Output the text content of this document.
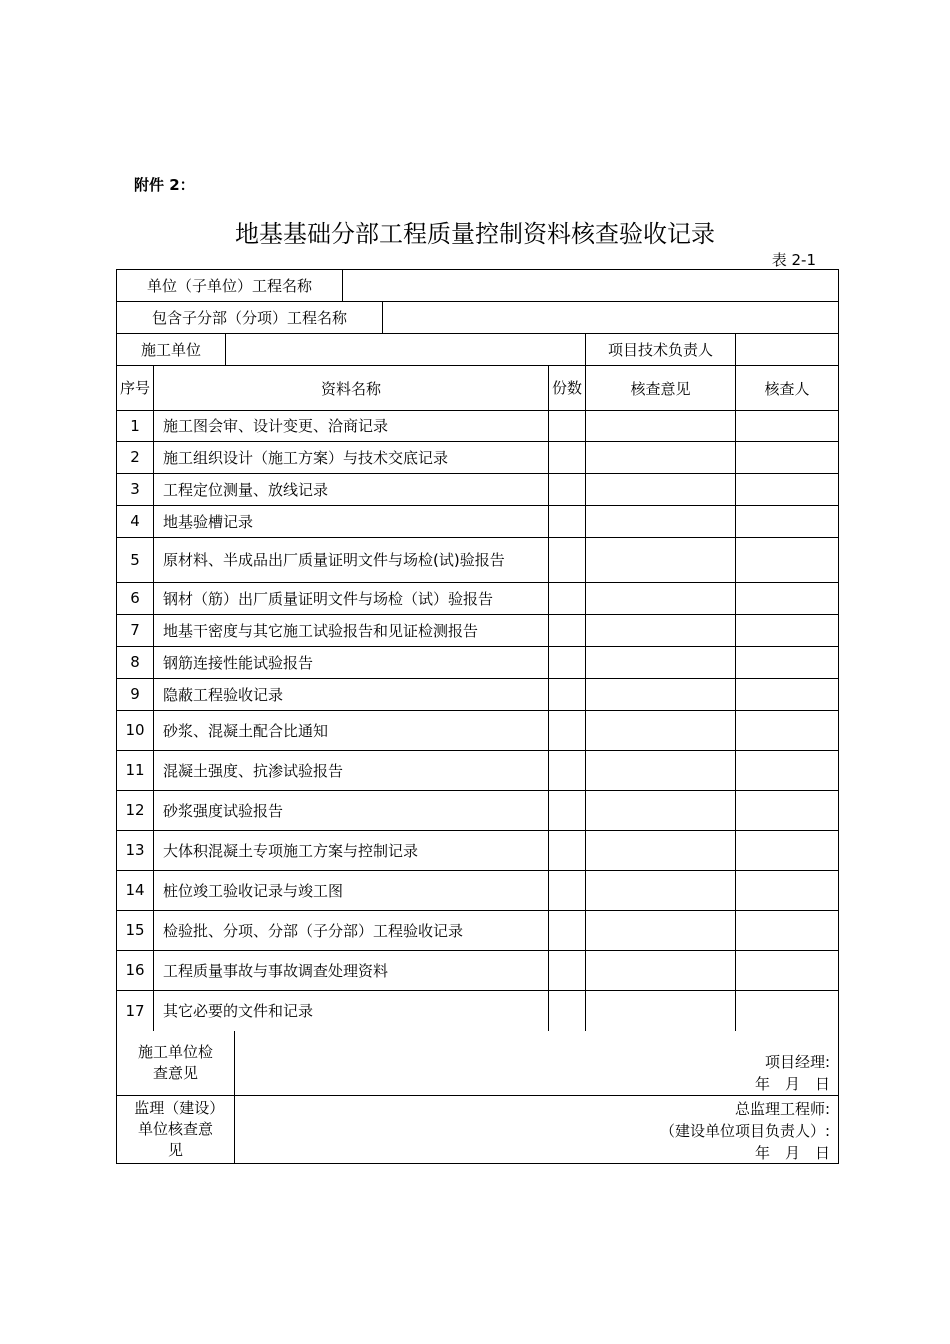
附件 2：
地基基础分部工程质量控制资料核查验收记录
表 2-1
单位（子单位）工程名称
包含子分部（分项）工程名称
施工单位	项目技术负责人
序号	资料名称	份数	核查意见	核查人
1	施工图会审、设计变更、洽商记录
2	施工组织设计（施工方案）与技术交底记录
3	工程定位测量、放线记录
4	地基验槽记录
5	原材料、半成品出厂质量证明文件与场检(试)验报告
6	钢材（筋）出厂质量证明文件与场检（试）验报告
7	地基干密度与其它施工试验报告和见证检测报告
8	钢筋连接性能试验报告
9	隐蔽工程验收记录
10	砂浆、混凝土配合比通知
11	混凝土强度、抗渗试验报告
12	砂浆强度试验报告
13	大体积混凝土专项施工方案与控制记录
14	桩位竣工验收记录与竣工图
15	检验批、分项、分部（子分部）工程验收记录
16	工程质量事故与事故调查处理资料
17	其它必要的文件和记录
施工单位检查意见
项目经理:
年　月　日
监理（建设）单位核查意见
总监理工程师:
（建设单位项目负责人）:
年　月　日
